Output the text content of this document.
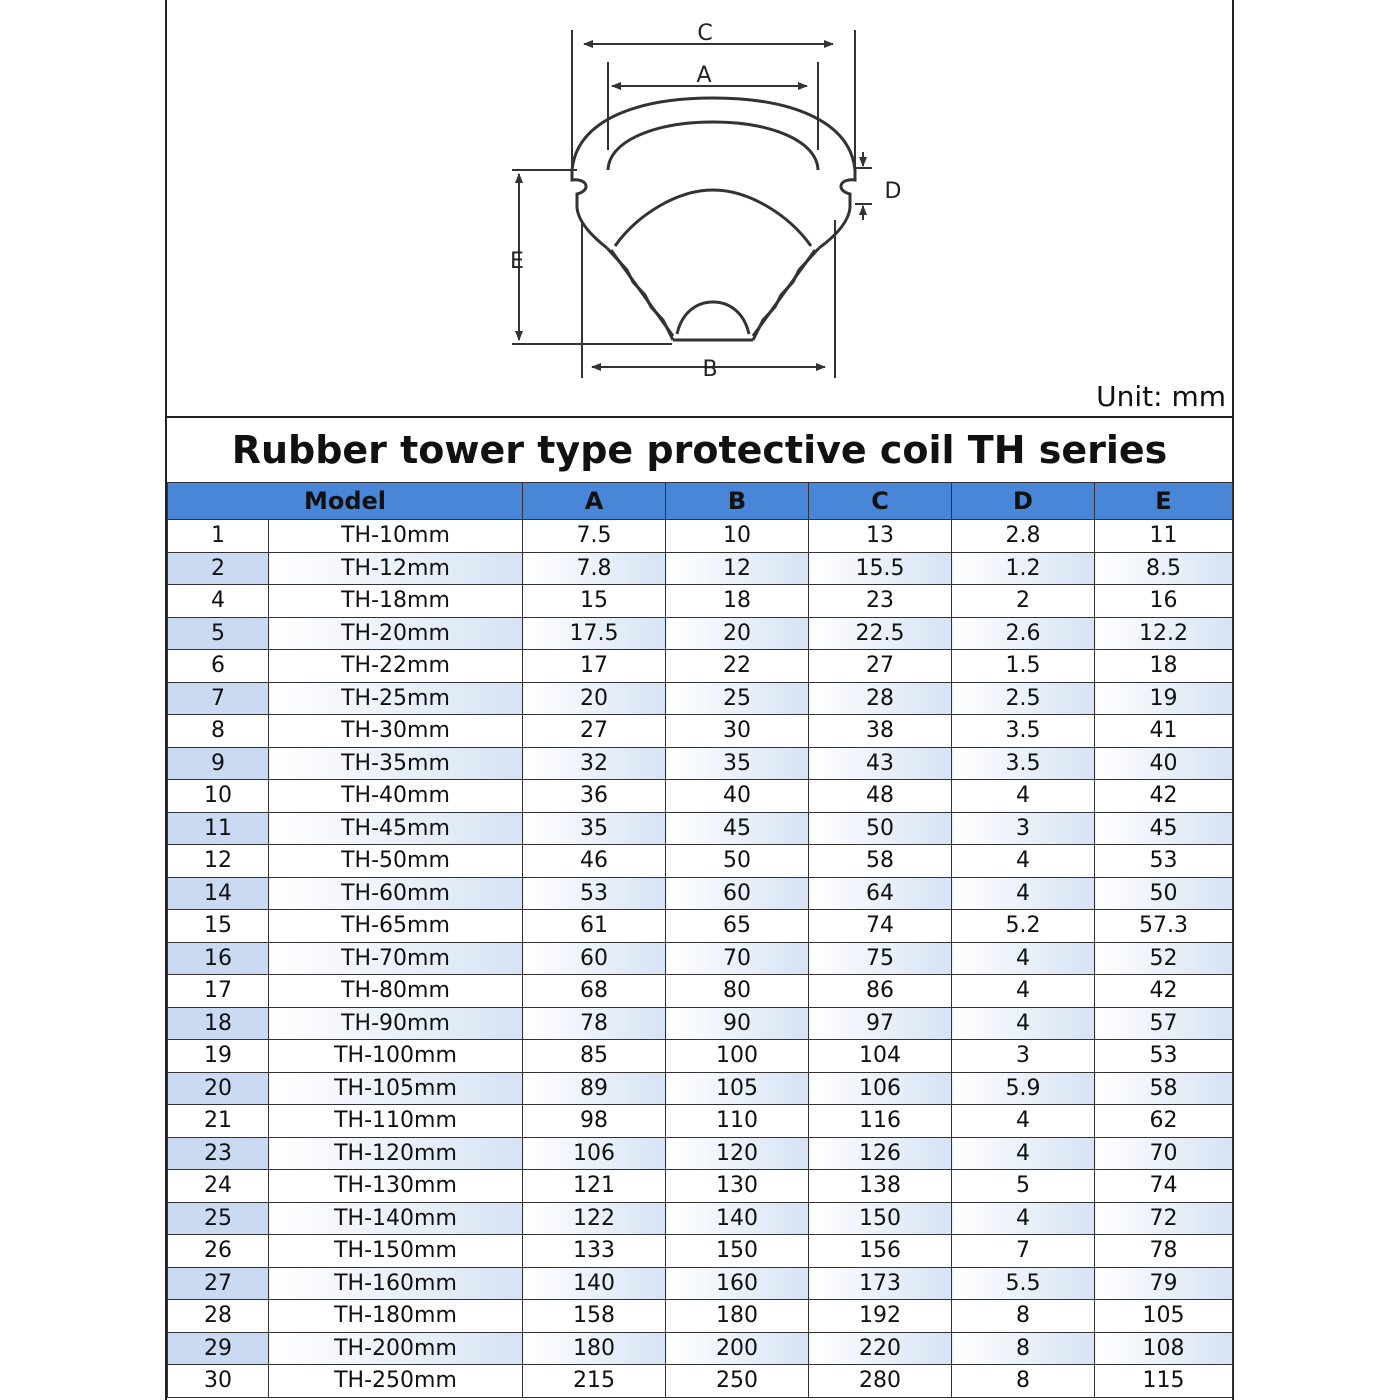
C
A
B
E
D
Unit: mm
Rubber tower type protective coil TH series
Model		A	B	C	D	E
1	TH-10mm	7.5	10	13	2.8	11
2	TH-12mm	7.8	12	15.5	1.2	8.5
4	TH-18mm	15	18	23	2	16
5	TH-20mm	17.5	20	22.5	2.6	12.2
6	TH-22mm	17	22	27	1.5	18
7	TH-25mm	20	25	28	2.5	19
8	TH-30mm	27	30	38	3.5	41
9	TH-35mm	32	35	43	3.5	40
10	TH-40mm	36	40	48	4	42
11	TH-45mm	35	45	50	3	45
12	TH-50mm	46	50	58	4	53
14	TH-60mm	53	60	64	4	50
15	TH-65mm	61	65	74	5.2	57.3
16	TH-70mm	60	70	75	4	52
17	TH-80mm	68	80	86	4	42
18	TH-90mm	78	90	97	4	57
19	TH-100mm	85	100	104	3	53
20	TH-105mm	89	105	106	5.9	58
21	TH-110mm	98	110	116	4	62
23	TH-120mm	106	120	126	4	70
24	TH-130mm	121	130	138	5	74
25	TH-140mm	122	140	150	4	72
26	TH-150mm	133	150	156	7	78
27	TH-160mm	140	160	173	5.5	79
28	TH-180mm	158	180	192	8	105
29	TH-200mm	180	200	220	8	108
30	TH-250mm	215	250	280	8	115
